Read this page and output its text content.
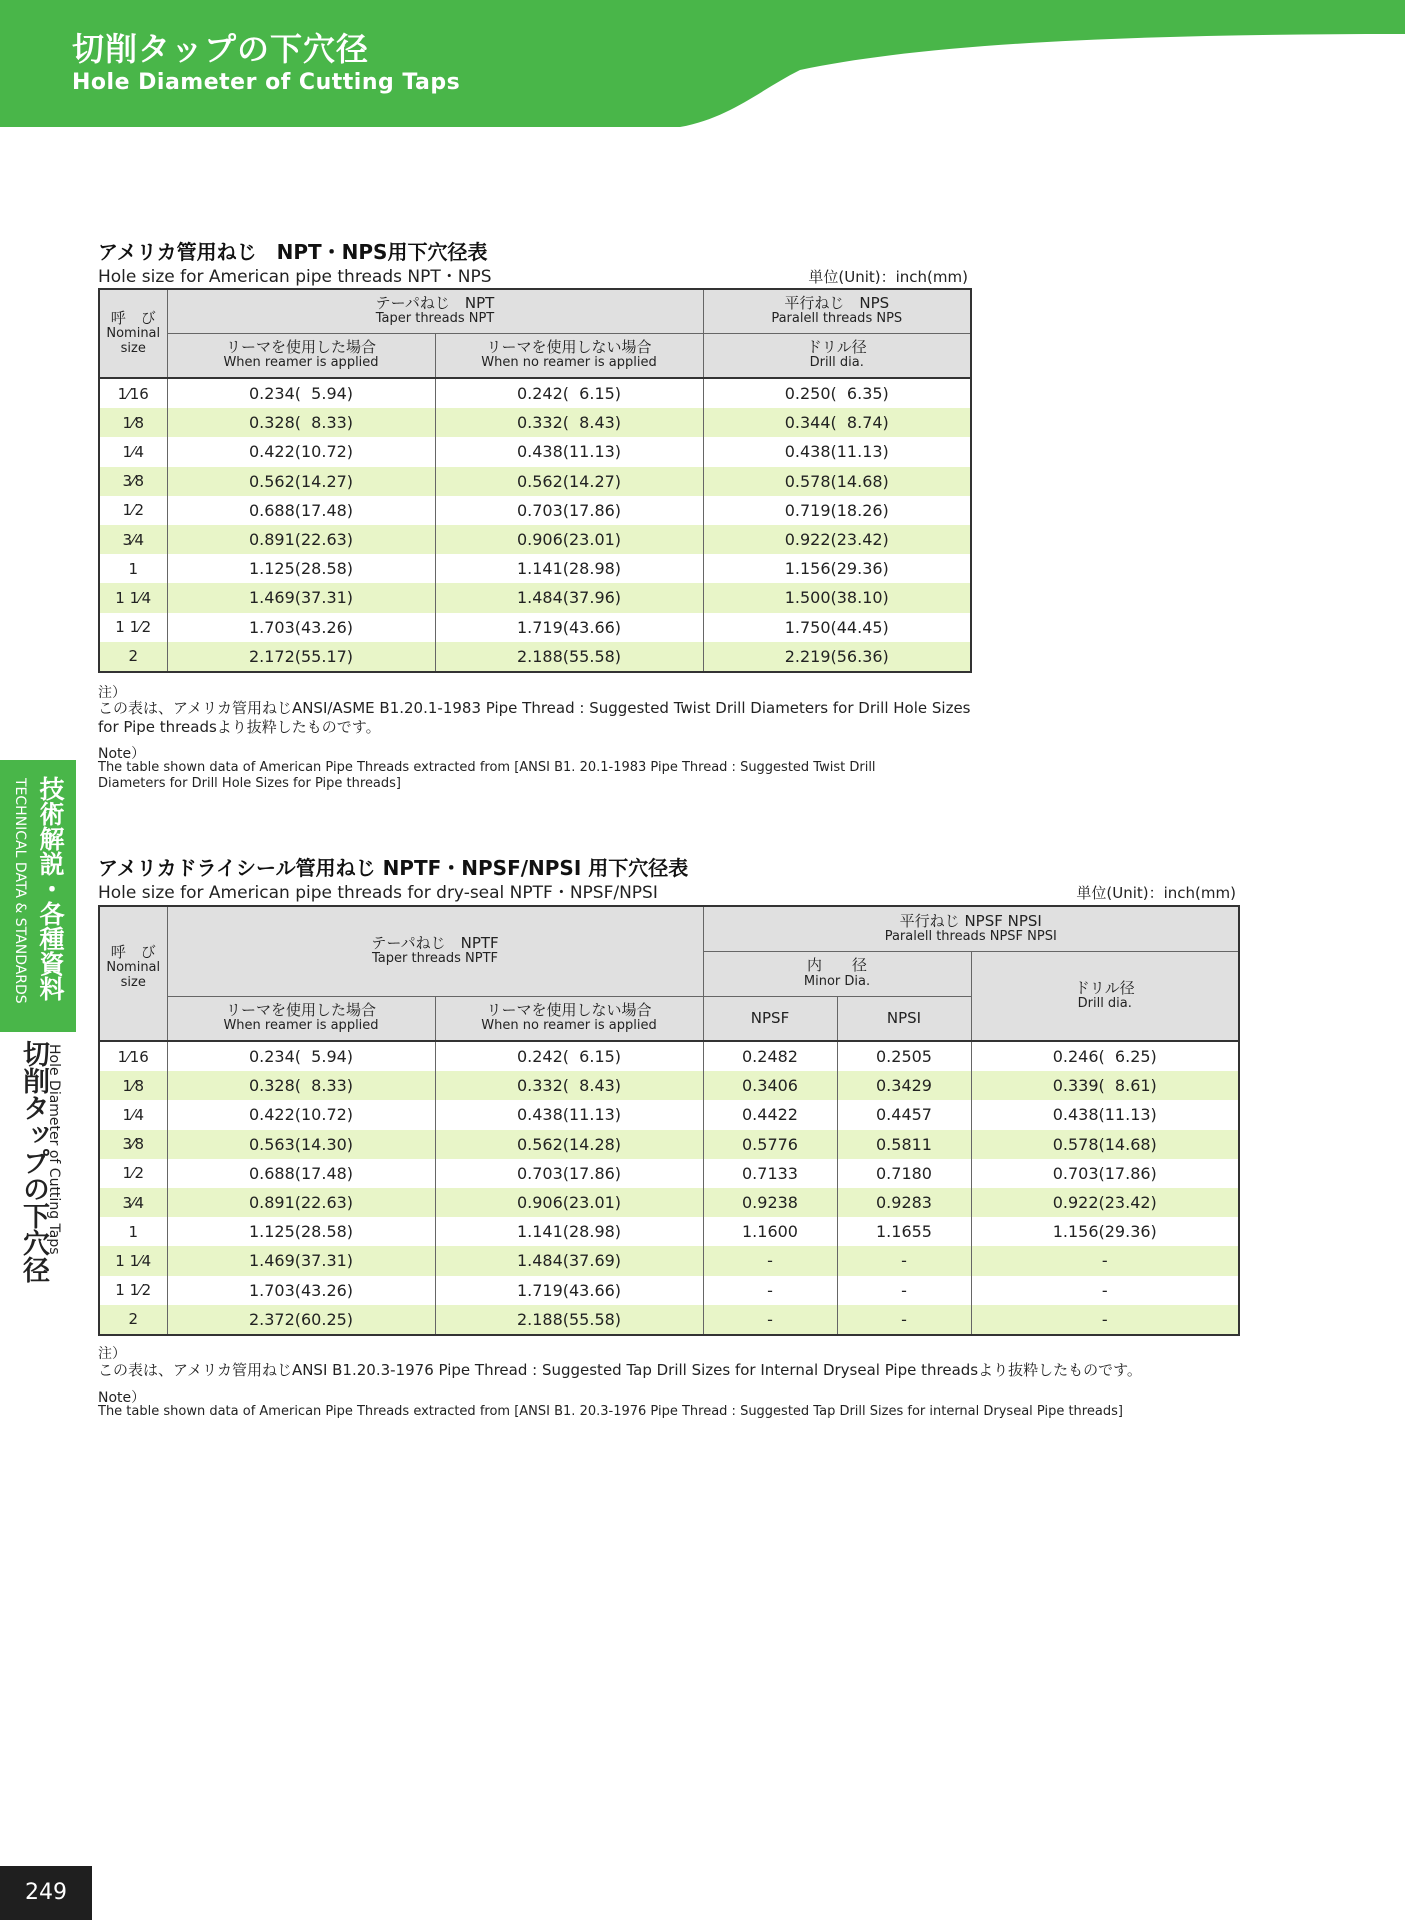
切削タップの下穴径
Hole Diameter of Cutting Taps
技術解説・各種資料
TECHNICAL DATA & STANDARDS
Hole Diameter of Cutting Taps
切削タップの下穴径
アメリカ管用ねじ　NPT・NPS用下穴径表
Hole size for American pipe threads NPT・NPS	単位(Unit)：inch(mm)
呼　び
Nominal size	テーパねじ　NPT
Taper threads NPT		平行ねじ　NPS
Paralell threads NPS

	リーマを使用した場合
When reamer is applied	リーマを使用しない場合
When no reamer is applied	ドリル径
Drill dia.

1⁄16	0.234(  5.94)	0.242(  6.15)	0.250(  6.35)
1⁄8	0.328(  8.33)	0.332(  8.43)	0.344(  8.74)
1⁄4	0.422(10.72)	0.438(11.13)	0.438(11.13)
3⁄8	0.562(14.27)	0.562(14.27)	0.578(14.68)
1⁄2	0.688(17.48)	0.703(17.86)	0.719(18.26)
3⁄4	0.891(22.63)	0.906(23.01)	0.922(23.42)
1	1.125(28.58)	1.141(28.98)	1.156(29.36)
1 1⁄4	1.469(37.31)	1.484(37.96)	1.500(38.10)
1 1⁄2	1.703(43.26)	1.719(43.66)	1.750(44.45)
2	2.172(55.17)	2.188(55.58)	2.219(56.36)
注）
この表は、アメリカ管用ねじANSI/ASME B1.20.1-1983 Pipe Thread : Suggested Twist Drill Diameters for Drill Hole Sizes
for Pipe threadsより抜粋したものです。
Note）
The table shown data of American Pipe Threads extracted from [ANSI B1. 20.1-1983 Pipe Thread : Suggested Twist Drill
Diameters for Drill Hole Sizes for Pipe threads]
アメリカドライシール管用ねじ NPTF・NPSF/NPSI 用下穴径表
Hole size for American pipe threads for dry-seal NPTF・NPSF/NPSI	単位(Unit)：inch(mm)

	テーパねじ　NPTF
Taper threads NPTF		平行ねじ NPSF NPSI
Paralell threads NPSF NPSI		

			内　　径
Minor Dia.		ドリル径
Drill dia.

呼　び
Nominal size	リーマを使用した場合
When reamer is applied	リーマを使用しない場合
When no reamer is applied	NPSF	NPSI	

1⁄16	0.234(  5.94)	0.242(  6.15)	0.2482	0.2505	0.246(  6.25)
1⁄8	0.328(  8.33)	0.332(  8.43)	0.3406	0.3429	0.339(  8.61)
1⁄4	0.422(10.72)	0.438(11.13)	0.4422	0.4457	0.438(11.13)
3⁄8	0.563(14.30)	0.562(14.28)	0.5776	0.5811	0.578(14.68)
1⁄2	0.688(17.48)	0.703(17.86)	0.7133	0.7180	0.703(17.86)
3⁄4	0.891(22.63)	0.906(23.01)	0.9238	0.9283	0.922(23.42)
1	1.125(28.58)	1.141(28.98)	1.1600	1.1655	1.156(29.36)
1 1⁄4	1.469(37.31)	1.484(37.69)	-	-	-
1 1⁄2	1.703(43.26)	1.719(43.66)	-	-	-
2	2.372(60.25)	2.188(55.58)	-	-	-
注）
この表は、アメリカ管用ねじANSI B1.20.3-1976 Pipe Thread : Suggested Tap Drill Sizes for Internal Dryseal Pipe threadsより抜粋したものです。
Note）
The table shown data of American Pipe Threads extracted from [ANSI B1. 20.3-1976 Pipe Thread : Suggested Tap Drill Sizes for internal Dryseal Pipe threads]
249
